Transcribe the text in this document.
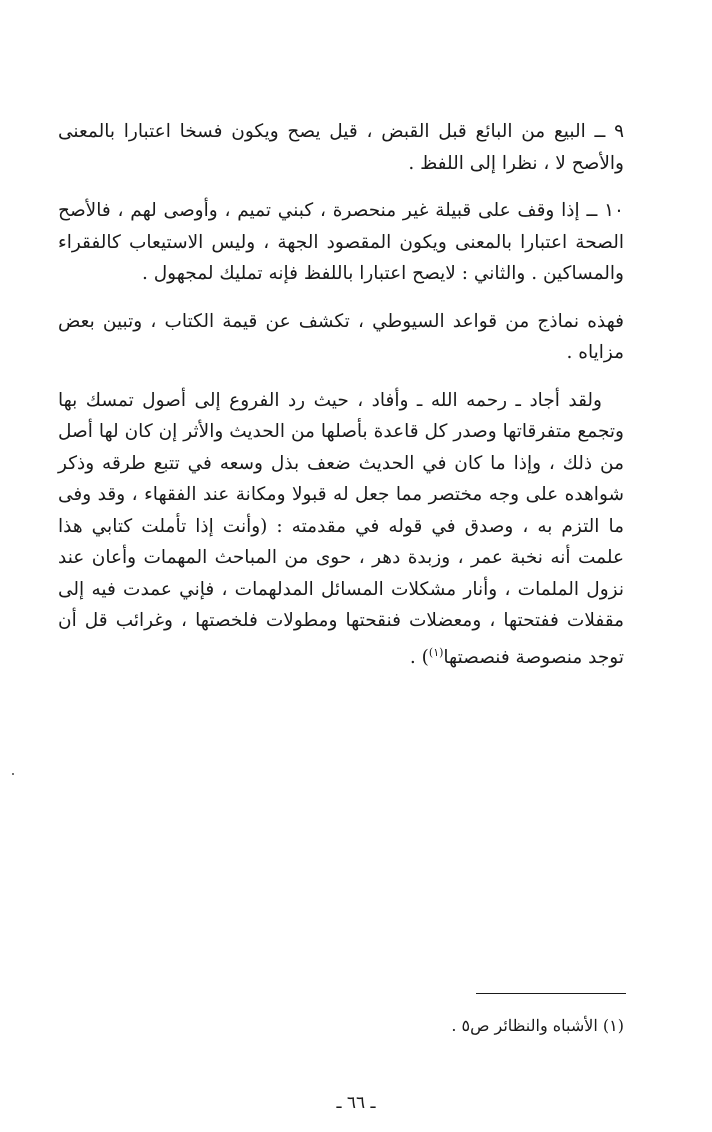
٩ ــ البيع من البائع قبل القبض ، قيل يصح ويكون فسخا اعتبارا بالمعنى والأصح لا ، نظرا إلى اللفظ .

١٠ ــ إذا وقف على قبيلة غير منحصرة ، كبني تميم ، وأوصى لهم ، فالأصح الصحة اعتبارا بالمعنى ويكون المقصود الجهة ، وليس الاستيعاب كالفقراء والمساكين . والثاني : لايصح اعتبارا باللفظ فإنه تمليك لمجهول .

فهذه نماذج من قواعد السيوطي ، تكشف عن قيمة الكتاب ، وتبين بعض مزاياه .

ولقد أجاد ـ رحمه الله ـ وأفاد ، حيث رد الفروع إلى أصول تمسك بها وتجمع متفرقاتها وصدر كل قاعدة بأصلها من الحديث والأثر إن كان لها أصل من ذلك ، وإذا ما كان في الحديث ضعف بذل وسعه في تتبع طرقه وذكر شواهده على وجه مختصر مما جعل له قبولا ومكانة عند الفقهاء ، وقد وفى ما التزم به ، وصدق في قوله في مقدمته : (وأنت إذا تأملت كتابي هذا علمت أنه نخبة عمر ، وزبدة دهر ، حوى من المباحث المهمات وأعان عند نزول الملمات ، وأنار مشكلات المسائل المدلهمات ، فإني عمدت فيه إلى مقفلات ففتحتها ، ومعضلات فنقحتها ومطولات فلخصتها ، وغرائب قل أن توجد منصوصة فنصصتها$^{(١)}$) .

(١) الأشباه والنظائر ص٥ .

ـ ٦٦ ـ
